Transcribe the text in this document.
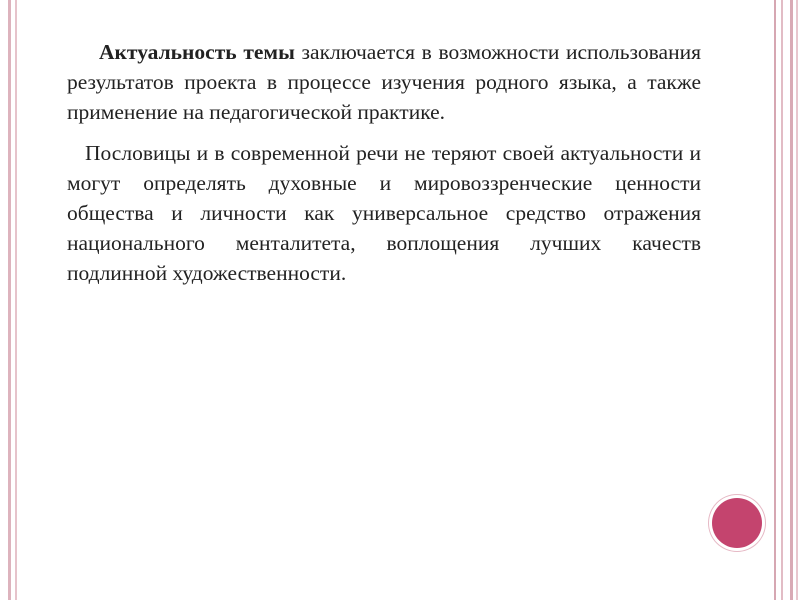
Актуальность темы заключается в возможности использования результатов проекта в процессе изучения родного языка, а также применение на педагогической практике.

Пословицы и в современной речи не теряют своей актуальности и могут определять духовные и мировоззренческие ценности общества и личности как универсальное средство отражения национального менталитета, воплощения лучших качеств подлинной художественности.
